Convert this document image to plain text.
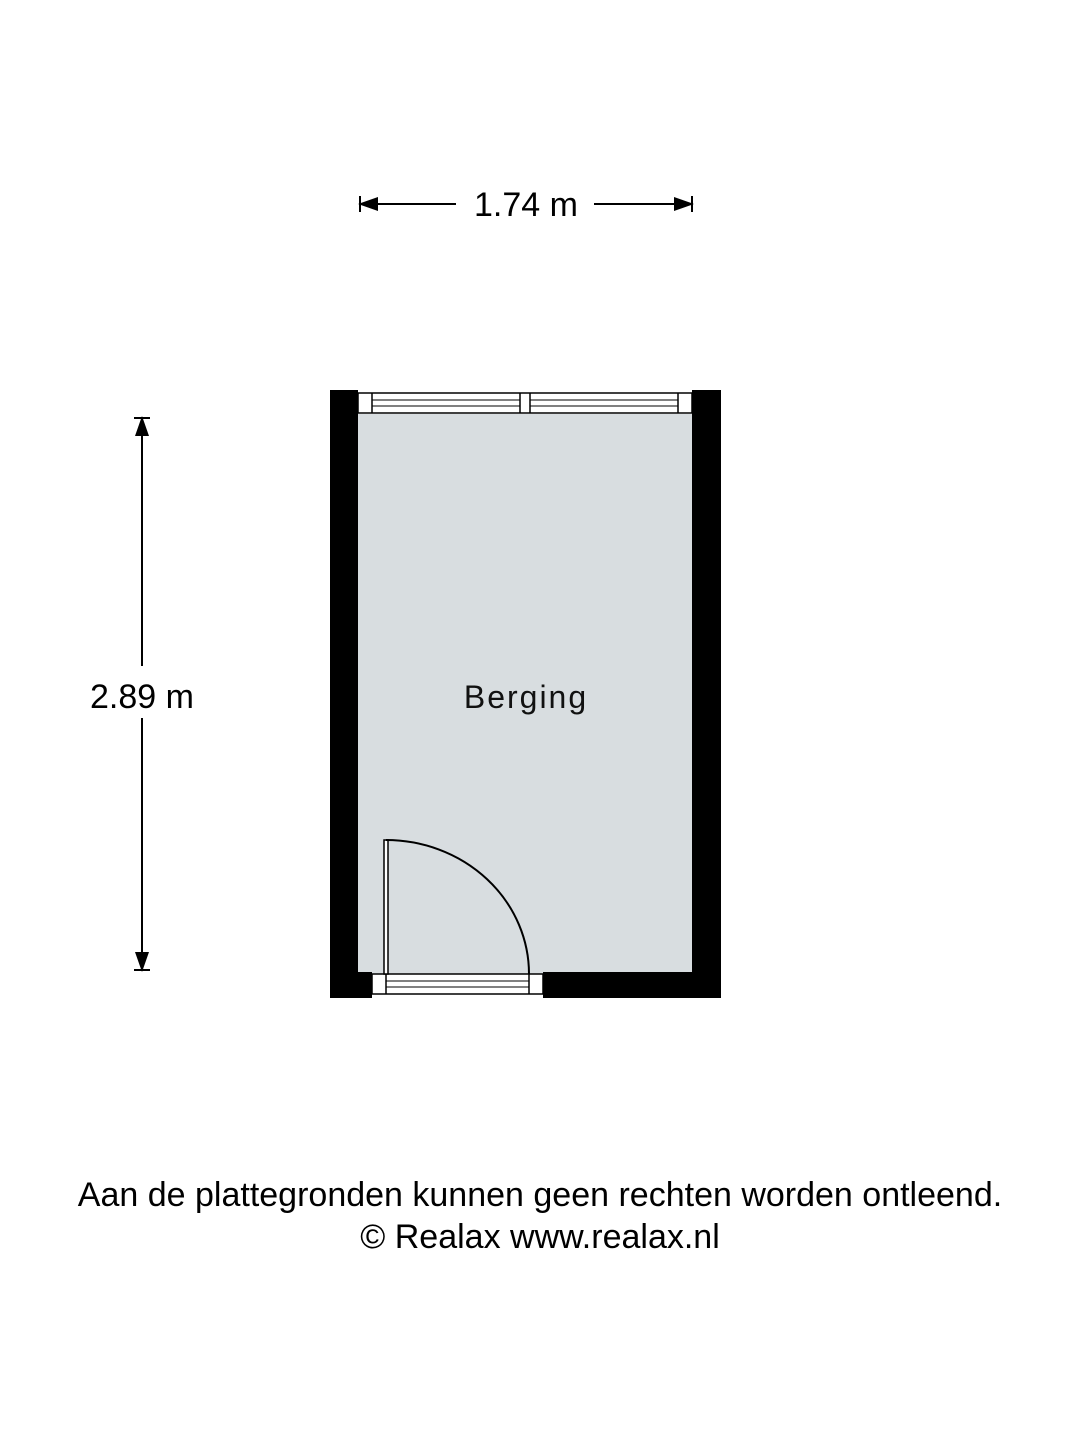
1.74 m
2.89 m	Berging
Aan de plattegronden kunnen geen rechten worden ontleend.
© Realax www.realax.nl
